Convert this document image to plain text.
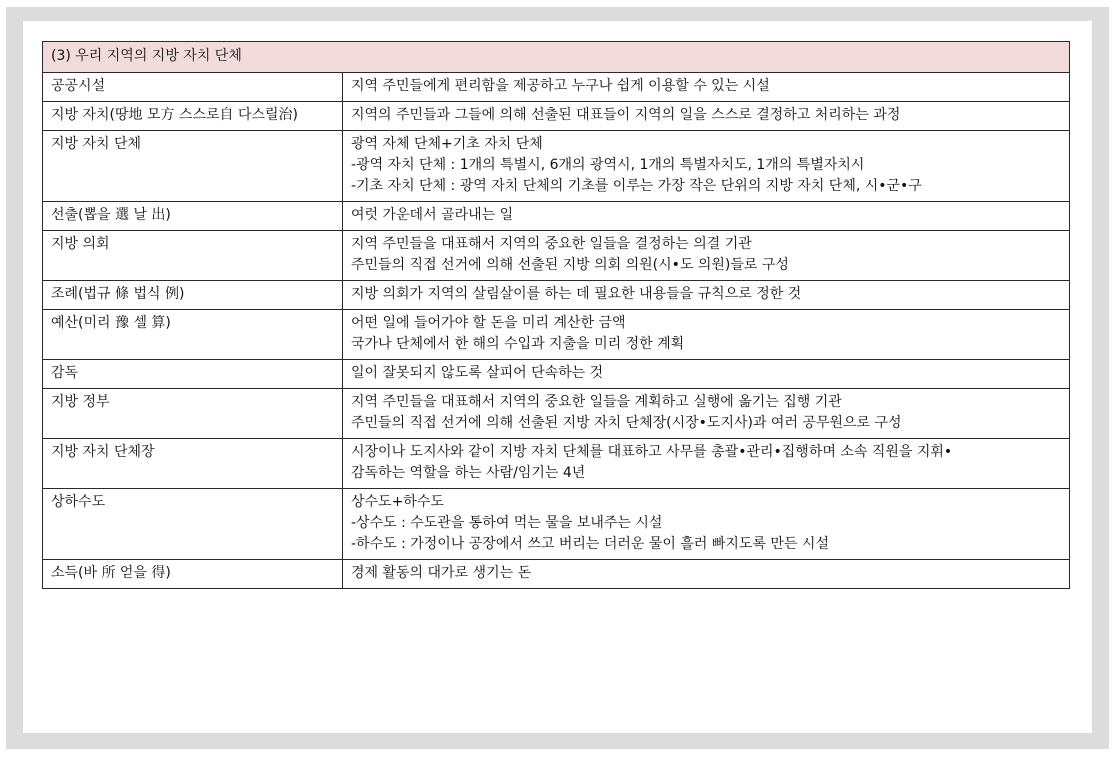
(3) 우리 지역의 지방 자치 단체	
공공시설	지역 주민들에게 편리함을 제공하고 누구나 쉽게 이용할 수 있는 시설

지방 자치(땅地 모方 스스로自 다스릴治)	지역의 주민들과 그들에 의해 선출된 대표들이 지역의 일을 스스로 결정하고 처리하는 과정

지방 자치 단체	광역 자체 단체+기초 자치 단체
-광역 자치 단체 : 1개의 특별시, 6개의 광역시, 1개의 특별자치도, 1개의 특별자치시
-기초 자치 단체 : 광역 자치 단체의 기초를 이루는 가장 작은 단위의 지방 자치 단체, 시•군•구

선출(뽑을 選 날 出)	여럿 가운데서 골라내는 일

지방 의회	지역 주민들을 대표해서 지역의 중요한 일들을 결정하는 의결 기관
주민들의 직접 선거에 의해 선출된 지방 의회 의원(시•도 의원)들로 구성

조례(법규 條 법식 例)	지방 의회가 지역의 살림살이를 하는 데 필요한 내용들을 규칙으로 정한 것

예산(미리 豫 셀 算)	어떤 일에 들어가야 할 돈을 미리 계산한 금액
국가나 단체에서 한 해의 수입과 지출을 미리 정한 계획

감독	일이 잘못되지 않도록 살피어 단속하는 것

지방 정부	지역 주민들을 대표해서 지역의 중요한 일들을 계획하고 실행에 옮기는 집행 기관
주민들의 직접 선거에 의해 선출된 지방 자치 단체장(시장•도지사)과 여러 공무원으로 구성

지방 자치 단체장	시장이나 도지사와 같이 지방 자치 단체를 대표하고 사무를 총괄•관리•집행하며 소속 직원을 지휘•
감독하는 역할을 하는 사람/임기는 4년

상하수도	상수도+하수도
-상수도 : 수도관을 통하여 먹는 물을 보내주는 시설
-하수도 : 가정이나 공장에서 쓰고 버리는 더러운 물이 흘러 빠지도록 만든 시설

소득(바 所 얻을 得)	경제 활동의 대가로 생기는 돈
